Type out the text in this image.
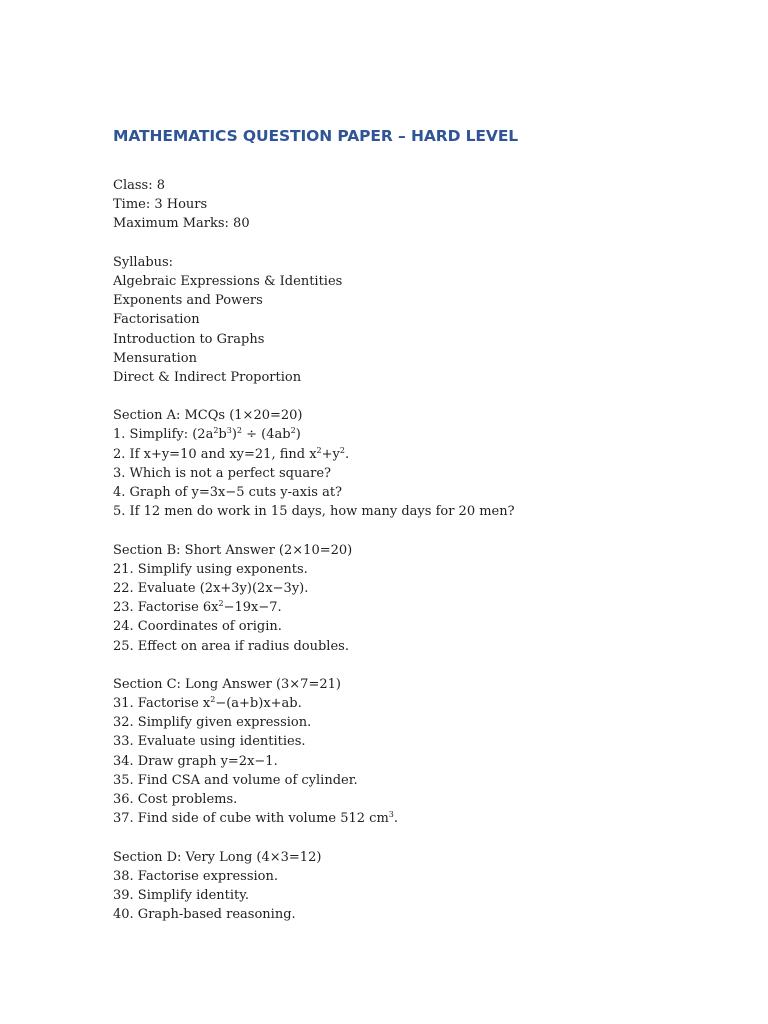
MATHEMATICS QUESTION PAPER – HARD LEVEL
Class: 8
Time: 3 Hours
Maximum Marks: 80
Syllabus:
Algebraic Expressions & Identities
Exponents and Powers
Factorisation
Introduction to Graphs
Mensuration
Direct & Indirect Proportion
Section A: MCQs (1×20=20)
1. Simplify: $(2a^2b^3)^2 \div (4ab^2)$
2. If x+y=10 and xy=21, find $x^2+y^2$.
3. Which is not a perfect square?
4. Graph of y=3x−5 cuts y-axis at?
5. If 12 men do work in 15 days, how many days for 20 men?
Section B: Short Answer (2×10=20)
21. Simplify using exponents.
22. Evaluate (2x+3y)(2x−3y).
23. Factorise $6x^2-19x-7$.
24. Coordinates of origin.
25. Effect on area if radius doubles.
Section C: Long Answer (3×7=21)
31. Factorise $x^2-(a+b)x+ab$.
32. Simplify given expression.
33. Evaluate using identities.
34. Draw graph y=2x−1.
35. Find CSA and volume of cylinder.
36. Cost problems.
37. Find side of cube with volume 512 $cm^3$.
Section D: Very Long (4×3=12)
38. Factorise expression.
39. Simplify identity.
40. Graph-based reasoning.
